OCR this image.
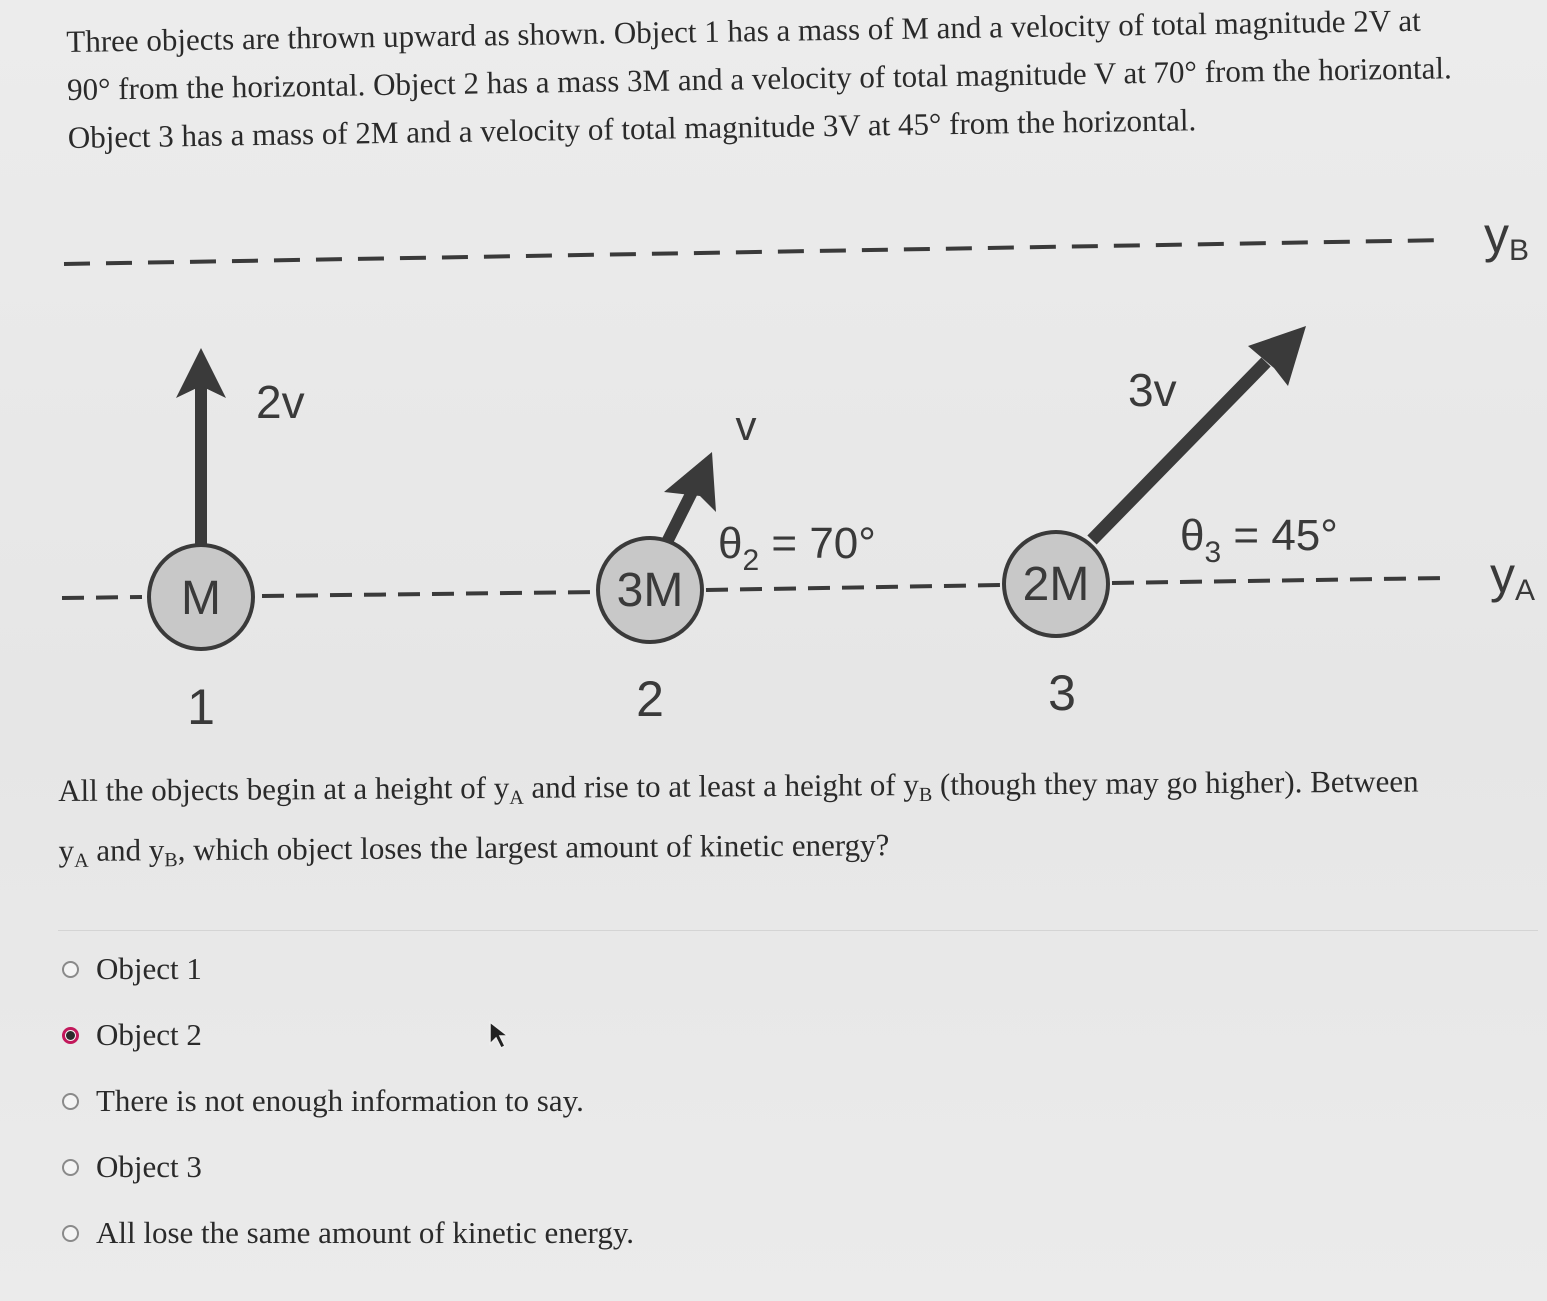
Three objects are thrown upward as shown. Object 1 has a mass of M and a velocity of total magnitude 2V at

90° from the horizontal. Object 2 has a mass 3M and a velocity of total magnitude V at 70° from the horizontal.

Object 3 has a mass of 2M and a velocity of total magnitude 3V at 45° from the horizontal.

yB
yA
2v
M
1
v
$\theta_2 = 70^\circ$
3M
2
3v
$\theta_3 = 45^\circ$
2M
3

All the objects begin at a height of $y_A$ and rise to at least a height of $y_B$ (though they may go higher). Between

$y_A$ and $y_B$, which object loses the largest amount of kinetic energy?

Object 1
Object 2
There is not enough information to say.
Object 3
All lose the same amount of kinetic energy.
